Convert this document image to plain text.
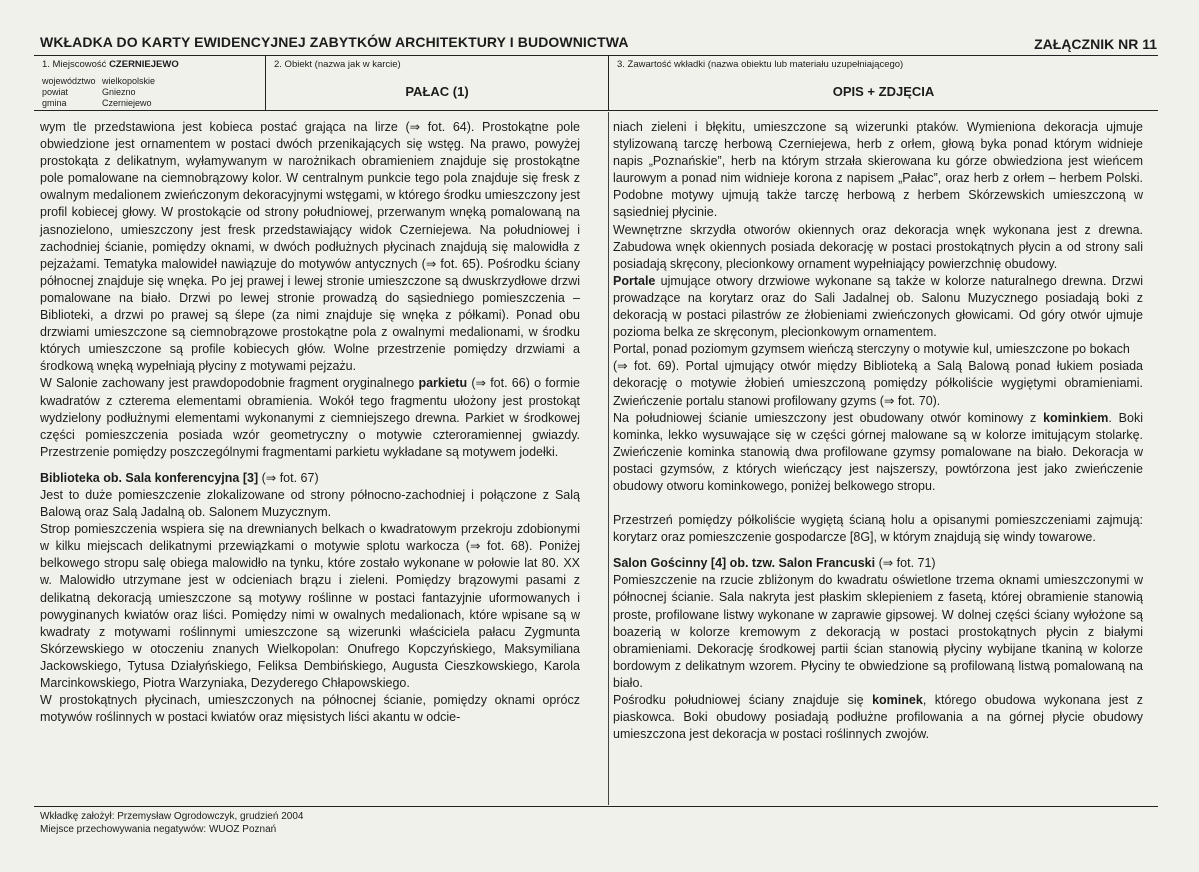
WKŁADKA DO KARTY EWIDENCYJNEJ ZABYTKÓW ARCHITEKTURY I BUDOWNICTWA	ZAŁĄCZNIK NR 11
1. Miejscowość CZERNIEJEWO
województwo wielkopolskie
powiat	Gniezno
gmina	Czerniejewo
2. Obiekt (nazwa jak w karcie)
PAŁAC (1)
3. Zawartość wkładki (nazwa obiektu lub materiału uzupełniającego)
OPIS + ZDJĘCIA

wym tle przedstawiona jest kobieca postać grająca na lirze (⇒ fot. 64). Prostokątne pole obwiedzione jest ornamentem w postaci dwóch przenikających się wstęg. Na prawo, powyżej prostokąta z delikatnym, wyłamywanym w narożnikach obramieniem znajduje się prostokątne pole pomalowane na ciemnobrązowy kolor. W centralnym punkcie tego pola znajduje się fresk z owalnym medalionem zwieńczonym dekoracyjnymi wstęgami, w którego środku umieszczony jest profil kobiecej głowy. W prostokącie od strony południowej, przerwanym wnęką pomalowaną na jasnozielono, umieszczony jest fresk przedstawiający widok Czerniejewa. Na południowej i zachodniej ścianie, pomiędzy oknami, w dwóch podłużnych płycinach znajdują się malowidła z pejzażami. Tematyka malowideł nawiązuje do motywów antycznych (⇒ fot. 65). Pośrodku ściany północnej znajduje się wnęka. Po jej prawej i lewej stronie umieszczone są dwuskrzydłowe drzwi pomalowane na biało. Drzwi po lewej stronie prowadzą do sąsiedniego pomieszczenia – Biblioteki, a drzwi po prawej są ślepe (za nimi znajduje się wnęka z półkami). Ponad obu drzwiami umieszczone są ciemnobrązowe prostokątne pola z owalnymi medalionami, w środku których umieszczone są profile kobiecych głów. Wolne przestrzenie pomiędzy drzwiami a środkową wnęką wypełniają płyciny z motywami pejzażu.

W Salonie zachowany jest prawdopodobnie fragment oryginalnego parkietu (⇒ fot. 66) o formie kwadratów z czterema elementami obramienia. Wokół tego fragmentu ułożony jest prostokąt wydzielony podłużnymi elementami wykonanymi z ciemniejszego drewna. Parkiet w środkowej części pomieszczenia posiada wzór geometryczny o motywie czteroramiennej gwiazdy. Przestrzenie pomiędzy poszczególnymi fragmentami parkietu wykładane są motywem jodełki.

Biblioteka ob. Sala konferencyjna [3] (⇒ fot. 67)

Jest to duże pomieszczenie zlokalizowane od strony północno-zachodniej i połączone z Salą Balową oraz Salą Jadalną ob. Salonem Muzycznym.

Strop pomieszczenia wspiera się na drewnianych belkach o kwadratowym przekroju zdobionymi w kilku miejscach delikatnymi przewiązkami o motywie splotu warkocza (⇒ fot. 68). Poniżej belkowego stropu salę obiega malowidło na tynku, które zostało wykonane w połowie lat 80. XX w. Malowidło utrzymane jest w odcieniach brązu i zieleni. Pomiędzy brązowymi pasami z delikatną dekoracją umieszczone są motywy roślinne w postaci fantazyjnie uformowanych i powyginanych kwiatów oraz liści. Pomiędzy nimi w owalnych medalionach, które wpisane są w kwadraty z motywami roślinnymi umieszczone są wizerunki właściciela pałacu Zygmunta Skórzewskiego w otoczeniu znanych Wielkopolan: Onufrego Kopczyńskiego, Maksymiliana Jackowskiego, Tytusa Działyńskiego, Feliksa Dembińskiego, Augusta Cieszkowskiego, Karola Marcinkowskiego, Piotra Warzyniaka, Dezyderego Chłapowskiego.

W prostokątnych płycinach, umieszczonych na północnej ścianie, pomiędzy oknami oprócz motywów roślinnych w postaci kwiatów oraz mięsistych liści akantu w odcie-

niach zieleni i błękitu, umieszczone są wizerunki ptaków. Wymieniona dekoracja ujmuje stylizowaną tarczę herbową Czerniejewa, herb z orłem, głową byka ponad którym widnieje napis „Poznańskie”, herb na którym strzała skierowana ku górze obwiedziona jest wieńcem laurowym a ponad nim widnieje korona z napisem „Pałac”, oraz herb z orłem – herbem Polski. Podobne motywy ujmują także tarczę herbową z herbem Skórzewskich umieszczoną w sąsiedniej płycinie.

Wewnętrzne skrzydła otworów okiennych oraz dekoracja wnęk wykonana jest z drewna. Zabudowa wnęk okiennych posiada dekorację w postaci prostokątnych płycin a od strony sali posiadają skręcony, plecionkowy ornament wypełniający powierzchnię obudowy.

Portale ujmujące otwory drzwiowe wykonane są także w kolorze naturalnego drewna. Drzwi prowadzące na korytarz oraz do Sali Jadalnej ob. Salonu Muzycznego posiadają boki z dekoracją w postaci pilastrów ze żłobieniami zwieńczonych głowicami. Od góry otwór ujmuje pozioma belka ze skręconym, plecionkowym ornamentem.

Portal, ponad poziomym gzymsem wieńczą sterczyny o motywie kul, umieszczone po bokach

(⇒ fot. 69). Portal ujmujący otwór między Biblioteką a Salą Balową ponad łukiem posiada dekorację o motywie żłobień umieszczoną pomiędzy półkoliście wygiętymi obramieniami. Zwieńczenie portalu stanowi profilowany gzyms (⇒ fot. 70).

Na południowej ścianie umieszczony jest obudowany otwór kominowy z kominkiem. Boki kominka, lekko wysuwające się w części górnej malowane są w kolorze imitującym stolarkę. Zwieńczenie kominka stanowią dwa profilowane gzymsy pomalowane na biało. Dekoracja w postaci gzymsów, z których wieńczący jest najszerszy, powtórzona jest jako zwieńczenie obudowy otworu kominkowego, poniżej belkowego stropu.

Przestrzeń pomiędzy półkoliście wygiętą ścianą holu a opisanymi pomieszczeniami zajmują: korytarz oraz pomieszczenie gospodarcze [8G], w którym znajdują się windy towarowe.

Salon Gościnny [4] ob. tzw. Salon Francuski (⇒ fot. 71)

Pomieszczenie na rzucie zbliżonym do kwadratu oświetlone trzema oknami umieszczonymi w północnej ścianie. Sala nakryta jest płaskim sklepieniem z fasetą, której obramienie stanowią proste, profilowane listwy wykonane w zaprawie gipsowej. W dolnej części ściany wyłożone są boazerią w kolorze kremowym z dekoracją w postaci prostokątnych płycin z białymi obramieniami. Dekorację środkowej partii ścian stanowią płyciny wybijane tkaniną w kolorze bordowym z delikatnym wzorem. Płyciny te obwiedzione są profilowaną listwą pomalowaną na biało.

Pośrodku południowej ściany znajduje się kominek, którego obudowa wykonana jest z piaskowca. Boki obudowy posiadają podłużne profilowania a na górnej płycie obudowy umieszczona jest dekoracja w postaci roślinnych zwojów.

Wkładkę założył: Przemysław Ogrodowczyk, grudzień 2004
Miejsce przechowywania negatywów: WUOZ Poznań
